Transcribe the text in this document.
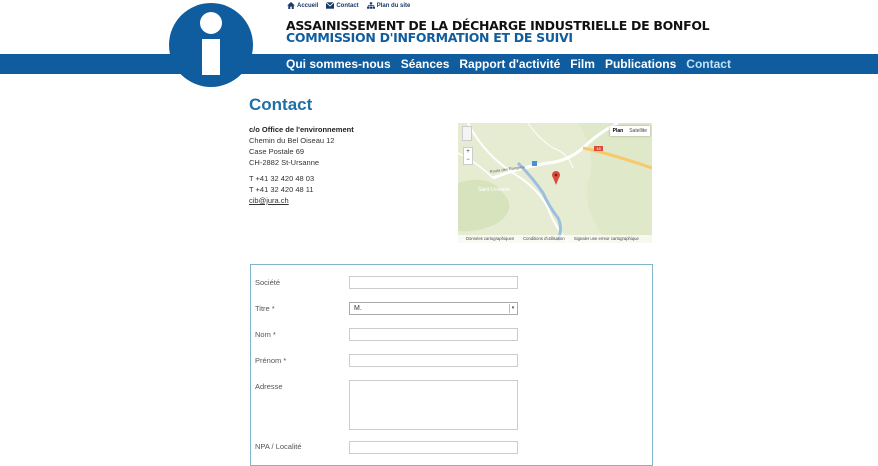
Accueil	Contact	Plan du site
ASSAINISSEMENT DE LA DÉCHARGE INDUSTRIELLE DE BONFOL
COMMISSION D'INFORMATION ET DE SUIVI
Qui sommes-nous Séances Rapport d'activité Film Publications Contact
Contact
c/o Office de l'environnement
Chemin du Bel Oiseau 12
Case Postale 69
CH-2882 St-Ursanne
T +41 32 420 48 03
T +41 32 420 48 11
cib@jura.ch
18
Saint-Ursanne
Route des Rangiers
+
−
Plan	Satellite
Données cartographiques Conditions d'utilisation Signaler une erreur cartographique
Société
Titre *	M.	▾
Nom *
Prénom *
Adresse
NPA / Localité
